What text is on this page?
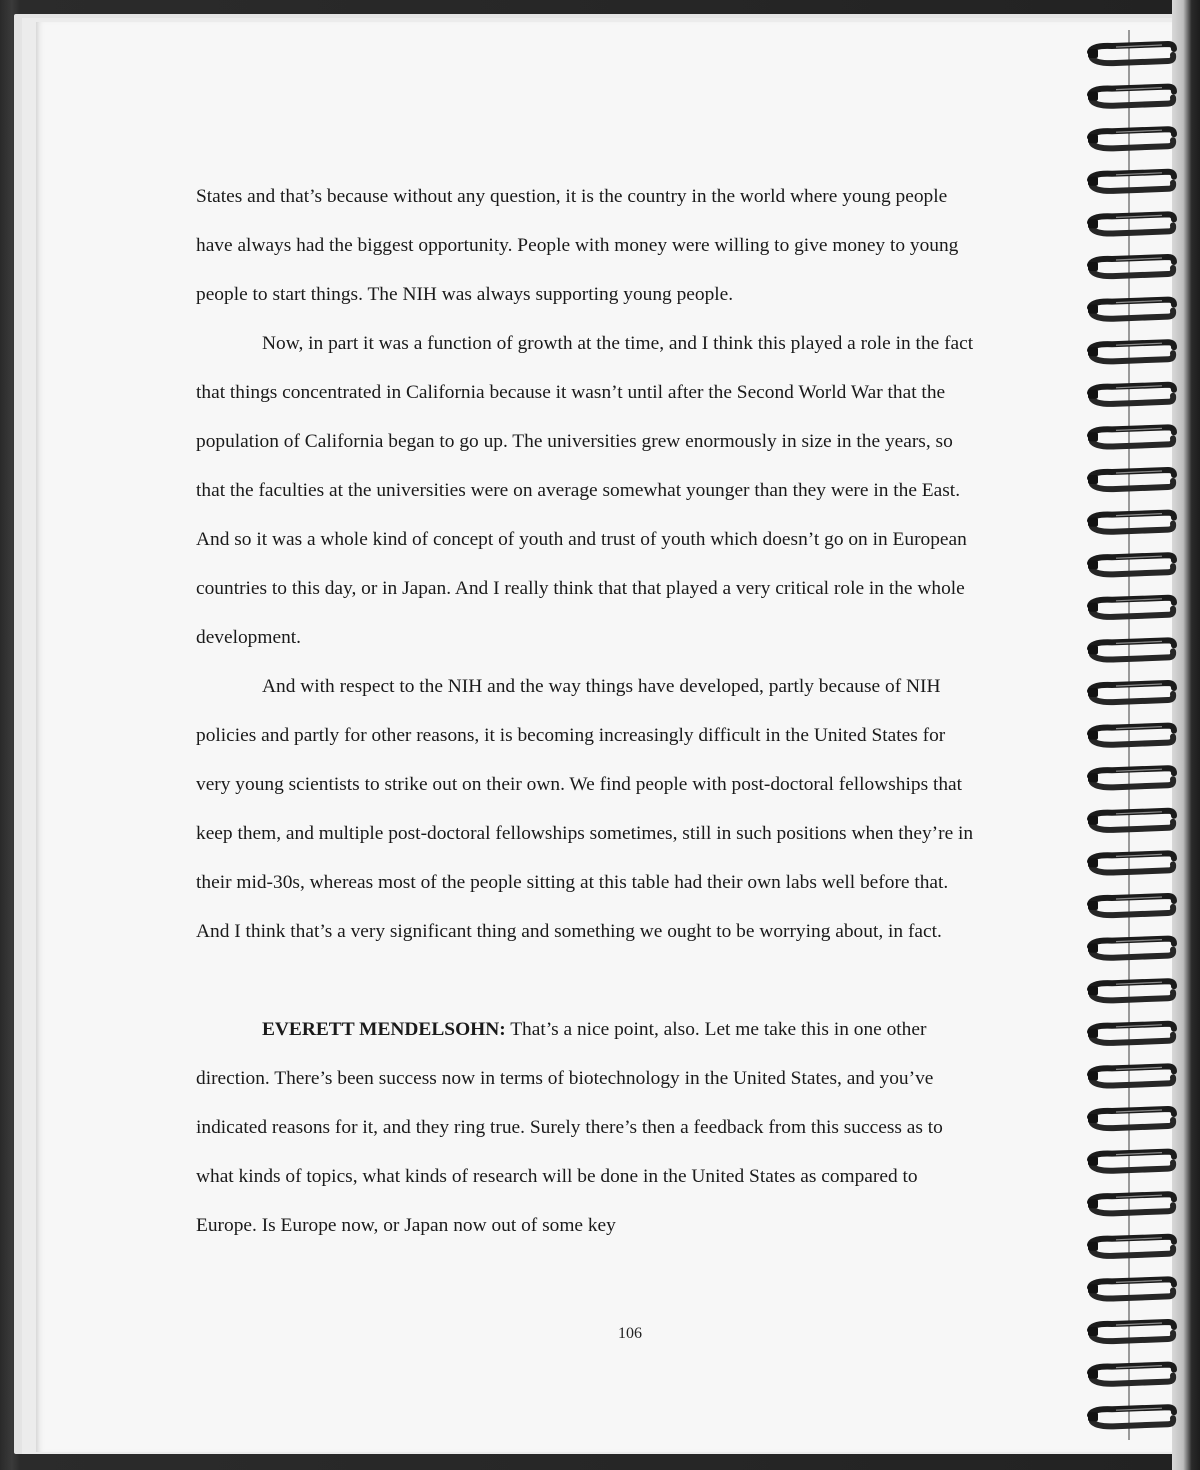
States and that’s because without any question, it is the country in the world where young people have always had the biggest opportunity. People with money were willing to give money to young people to start things. The NIH was always supporting young people.

Now, in part it was a function of growth at the time, and I think this played a role in the fact that things concentrated in California because it wasn’t until after the Second World War that the population of California began to go up. The universities grew enormously in size in the years, so that the faculties at the universities were on average somewhat younger than they were in the East. And so it was a whole kind of concept of youth and trust of youth which doesn’t go on in European countries to this day, or in Japan. And I really think that that played a very critical role in the whole development.

And with respect to the NIH and the way things have developed, partly because of NIH policies and partly for other reasons, it is becoming increasingly difficult in the United States for very young scientists to strike out on their own. We find people with post-doctoral fellowships that keep them, and multiple post-doctoral fellowships sometimes, still in such positions when they’re in their mid-30s, whereas most of the people sitting at this table had their own labs well before that. And I think that’s a very significant thing and something we ought to be worrying about, in fact.

EVERETT MENDELSOHN: That’s a nice point, also. Let me take this in one other direction. There’s been success now in terms of biotechnology in the United States, and you’ve indicated reasons for it, and they ring true. Surely there’s then a feedback from this success as to what kinds of topics, what kinds of research will be done in the United States as compared to Europe. Is Europe now, or Japan now out of some key

106
